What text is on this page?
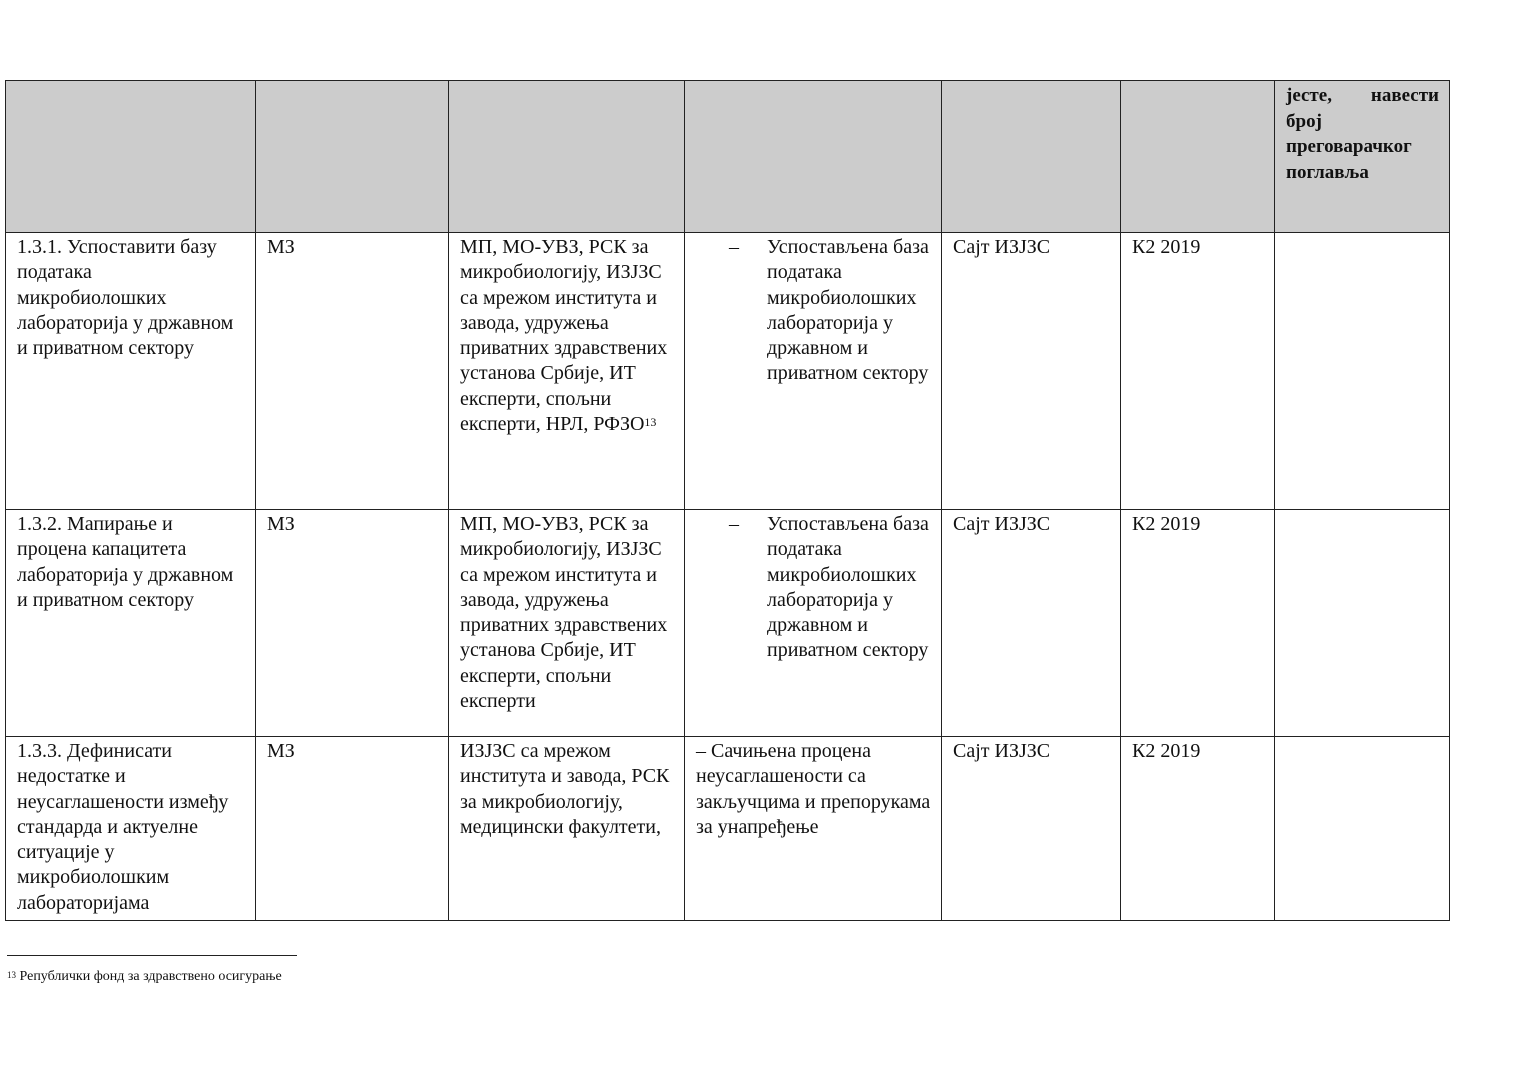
						јесте, навести
број
преговарачког
поглавља

1.3.1. Успоставити базу података микробиолошких лабораторија у државном и приватном сектору	МЗ	МП, МО-УВЗ, РСК за микробиологију, ИЗЈЗС са мрежом института и завода, удружења приватних здравствених установа Србије, ИТ експерти, спољни експерти, НРЛ, РФЗО$^{13}$	– Успостављена база података микробиолошких лабораторија у државном и приватном сектору	Сајт ИЗЈЗС	К2 2019	
1.3.2. Мапирање и процена капацитета лабораторија у државном и приватном сектору	МЗ	МП, МО-УВЗ, РСК за микробиологију, ИЗЈЗС са мрежом института и завода, удружења приватних здравствених установа Србије, ИТ експерти, спољни експерти	– Успостављена база података микробиолошких лабораторија у државном и приватном сектору	Сајт ИЗЈЗС	К2 2019	
1.3.3. Дефинисати недостатке и неусаглашености између стандарда и актуелне ситуације у микробиолошким лабораторијама	МЗ	ИЗЈЗС са мрежом института и завода, РСК за микробиологију, медицински факултети,	– Сачињена процена неусаглашености са закључцима и препорукама за унапређење	Сајт ИЗЈЗС	К2 2019	
$^{13}$ Републички фонд за здравствено осигурање
